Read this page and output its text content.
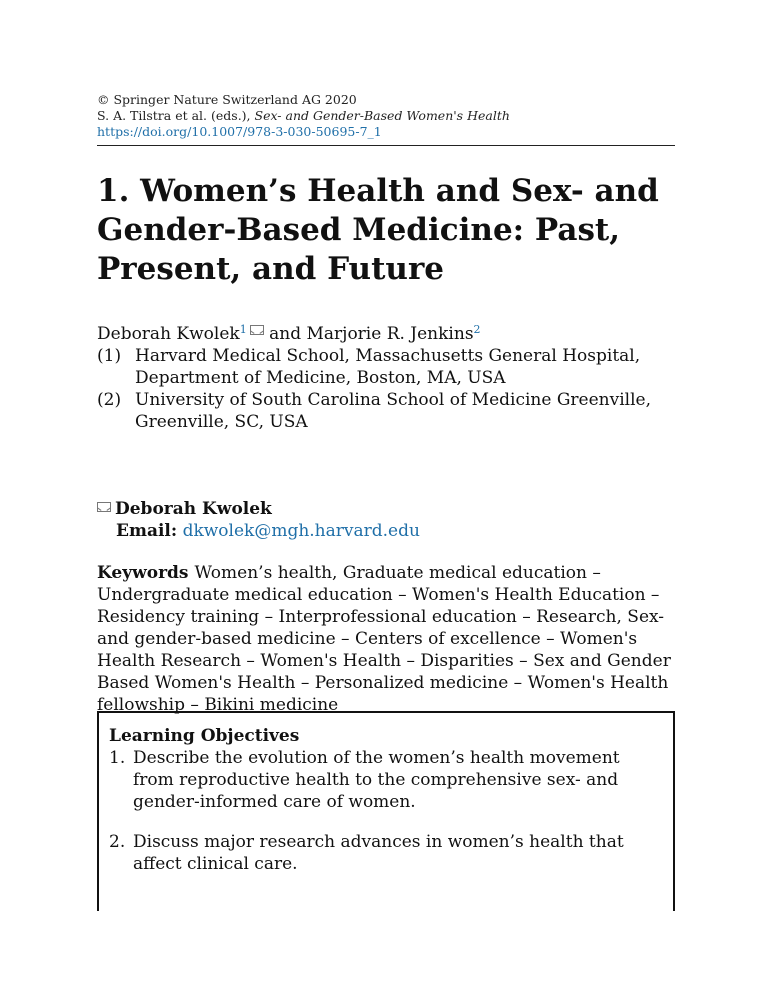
© Springer Nature Switzerland AG 2020
S. A. Tilstra et al. (eds.), Sex- and Gender-Based Women's Health
https://doi.org/10.1007/978-3-030-50695-7_1
1. Women’s Health and Sex- and Gender-Based Medicine: Past, Present, and Future
Deborah Kwolek$^1$ and Marjorie R. Jenkins$^2$
(1) Harvard Medical School, Massachusetts General Hospital, Department of Medicine, Boston, MA, USA
(2) University of South Carolina School of Medicine Greenville, Greenville, SC, USA
Deborah Kwolek
Email: dkwolek@mgh.harvard.edu
Keywords Women’s health, Graduate medical education – Undergraduate medical education – Women's Health Education – Residency training – Interprofessional education – Research, Sex- and gender-based medicine – Centers of excellence – Women's Health Research – Women's Health – Disparities – Sex and Gender Based Women's Health – Personalized medicine – Women's Health fellowship – Bikini medicine
Learning Objectives
1. Describe the evolution of the women’s health movement from reproductive health to the comprehensive sex- and gender-informed care of women.
2. Discuss major research advances in women’s health that affect clinical care.
